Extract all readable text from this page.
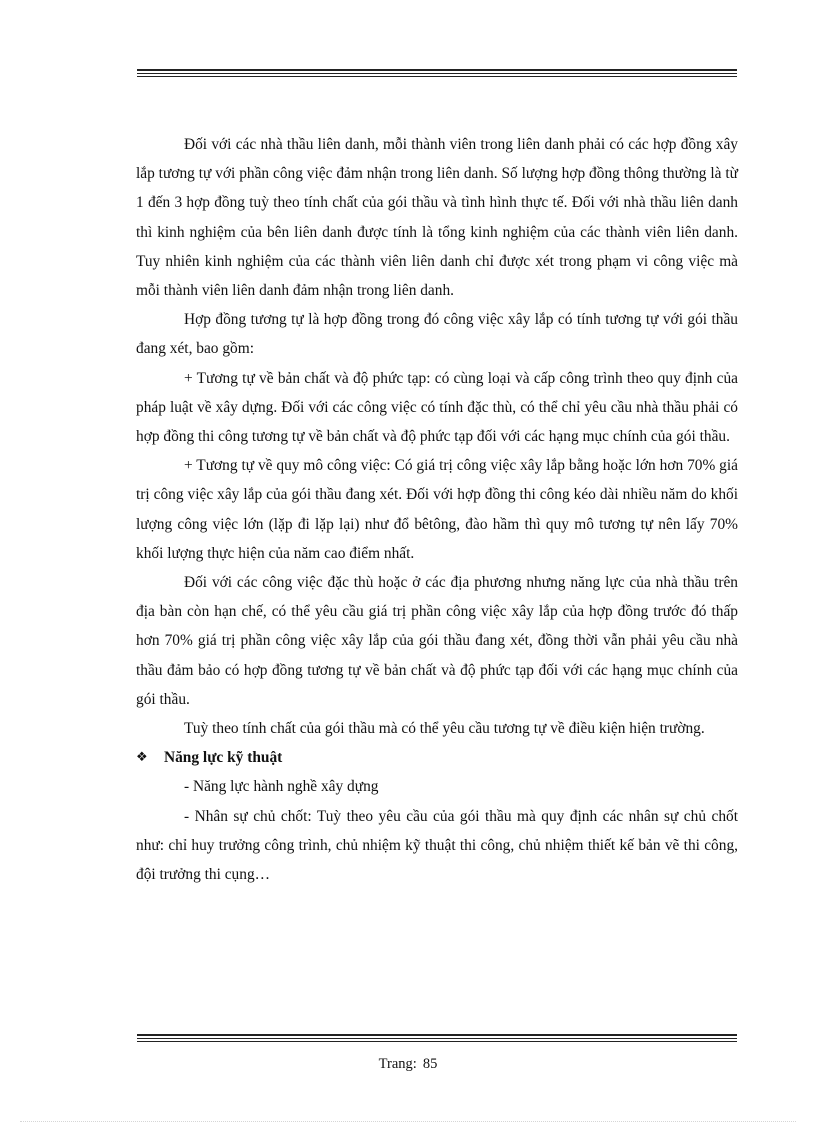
Đối với các nhà thầu liên danh, mỗi thành viên trong liên danh phải có các hợp đồng xây lắp tương tự với phần công việc đảm nhận trong liên danh. Số lượng hợp đồng thông thường là từ 1 đến 3 hợp đồng tuỳ theo tính chất của gói thầu và tình hình thực tế. Đối với nhà thầu liên danh thì kinh nghiệm của bên liên danh được tính là tổng kinh nghiệm của các thành viên liên danh. Tuy nhiên kinh nghiệm của các thành viên liên danh chỉ được xét trong phạm vi công việc mà mỗi thành viên liên danh đảm nhận trong liên danh.

Hợp đồng tương tự là hợp đồng trong đó công việc xây lắp có tính tương tự với gói thầu đang xét, bao gồm:

+ Tương tự về bản chất và độ phức tạp: có cùng loại và cấp công trình theo quy định của pháp luật về xây dựng. Đối với các công việc có tính đặc thù, có thể chỉ yêu cầu nhà thầu phải có hợp đồng thi công tương tự về bản chất và độ phức tạp đối với các hạng mục chính của gói thầu.

+ Tương tự về quy mô công việc: Có giá trị công việc xây lắp bằng hoặc lớn hơn 70% giá trị công việc xây lắp của gói thầu đang xét. Đối với hợp đồng thi công kéo dài nhiều năm do khối lượng công việc lớn (lặp đi lặp lại) như đổ bêtông, đào hầm thì quy mô tương tự nên lấy 70% khối lượng thực hiện của năm cao điểm nhất.

Đối với các công việc đặc thù hoặc ở các địa phương nhưng năng lực của nhà thầu trên địa bàn còn hạn chế, có thể yêu cầu giá trị phần công việc xây lắp của hợp đồng trước đó thấp hơn 70% giá trị phần công việc xây lắp của gói thầu đang xét, đồng thời vẫn phải yêu cầu nhà thầu đảm bảo có hợp đồng tương tự về bản chất và độ phức tạp đối với các hạng mục chính của gói thầu.

Tuỳ theo tính chất của gói thầu mà có thể yêu cầu tương tự về điều kiện hiện trường.

❖ Năng lực kỹ thuật

- Năng lực hành nghề xây dựng

- Nhân sự chủ chốt: Tuỳ theo yêu cầu của gói thầu mà quy định các nhân sự chủ chốt như: chỉ huy trưởng công trình, chủ nhiệm kỹ thuật thi công, chủ nhiệm thiết kế bản vẽ thi công, đội trưởng thi cụng…

Trang: 85
